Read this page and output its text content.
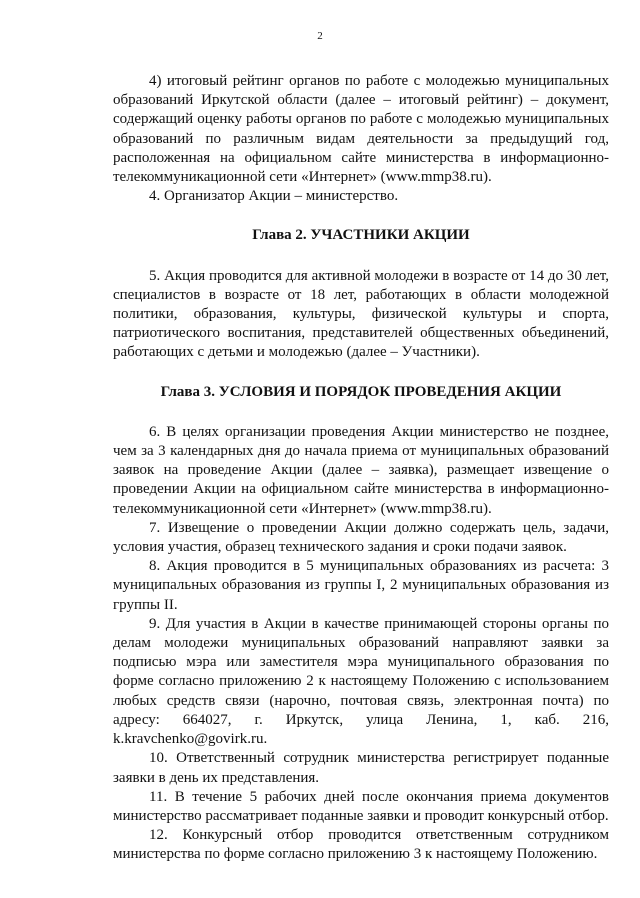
2

4) итоговый рейтинг органов по работе с молодежью муниципальных образований Иркутской области (далее – итоговый рейтинг) – документ, содержащий оценку работы органов по работе с молодежью муниципальных образований по различным видам деятельности за предыдущий год, расположенная на официальном сайте министерства в информационно-телекоммуникационной сети «Интернет» (www.mmp38.ru).

4. Организатор Акции – министерство.

Глава 2. УЧАСТНИКИ АКЦИИ

5. Акция проводится для активной молодежи в возрасте от 14 до 30 лет, специалистов в возрасте от 18 лет, работающих в области молодежной политики, образования, культуры, физической культуры и спорта, патриотического воспитания, представителей общественных объединений, работающих с детьми и молодежью (далее – Участники).

Глава 3. УСЛОВИЯ И ПОРЯДОК ПРОВЕДЕНИЯ АКЦИИ

6. В целях организации проведения Акции министерство не позднее, чем за 3 календарных дня до начала приема от муниципальных образований заявок на проведение Акции (далее – заявка), размещает извещение о проведении Акции на официальном сайте министерства в информационно-телекоммуникационной сети «Интернет» (www.mmp38.ru).

7. Извещение о проведении Акции должно содержать цель, задачи, условия участия, образец технического задания и сроки подачи заявок.

8. Акция проводится в 5 муниципальных образованиях из расчета: 3 муниципальных образования из группы I, 2 муниципальных образования из группы II.

9. Для участия в Акции в качестве принимающей стороны органы по делам молодежи муниципальных образований направляют заявки за подписью мэра или заместителя мэра муниципального образования по форме согласно приложению 2 к настоящему Положению с использованием любых средств связи (нарочно, почтовая связь, электронная почта) по адресу: 664027, г. Иркутск, улица Ленина, 1, каб. 216, k.kravchenko@govirk.ru.

10. Ответственный сотрудник министерства регистрирует поданные заявки в день их представления.

11. В течение 5 рабочих дней после окончания приема документов министерство рассматривает поданные заявки и проводит конкурсный отбор.

12. Конкурсный отбор проводится ответственным сотрудником министерства по форме согласно приложению 3 к настоящему Положению.
